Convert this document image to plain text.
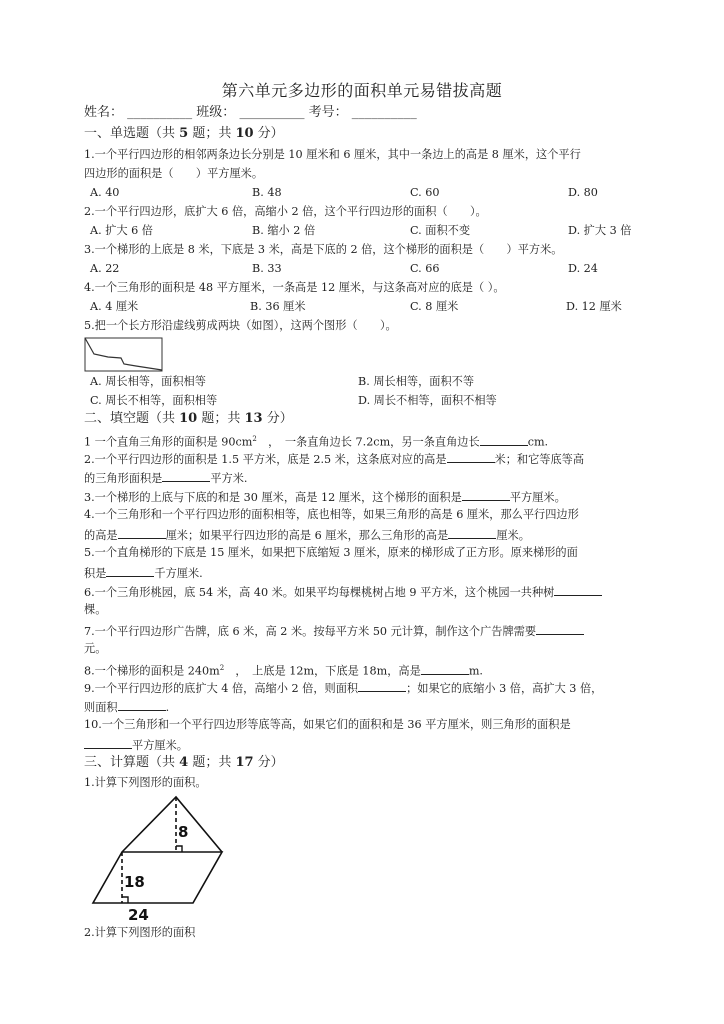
第六单元多边形的面积单元易错拔高题
姓名： __________ 班级： __________ 考号： __________
一、单选题（共 5 题；共 10 分）
1.一个平行四边形的相邻两条边长分别是 10 厘米和 6 厘米，其中一条边上的高是 8 厘米，这个平行
四边形的面积是（　　）平方厘米。
A. 40	B. 48	C. 60	D. 80
2.一个平行四边形，底扩大 6 倍，高缩小 2 倍，这个平行四边形的面积（　　）。
A. 扩大 6 倍	B. 缩小 2 倍	C. 面积不变	D. 扩大 3 倍
3.一个梯形的上底是 8 米，下底是 3 米，高是下底的 2 倍，这个梯形的面积是（　　）平方米。
A. 22	B. 33	C. 66	D. 24
4.一个三角形的面积是 48 平方厘米，一条高是 12 厘米，与这条高对应的底是（ ）。
A. 4 厘米	B. 36 厘米	C. 8 厘米	D. 12 厘米
5.把一个长方形沿虚线剪成两块（如图），这两个图形（　　）。
A. 周长相等，面积相等	B. 周长相等，面积不等
C. 周长不相等，面积相等	D. 周长不相等，面积不相等
二、填空题（共 10 题；共 13 分）
1 一个直角三角形的面积是 $90cm^2$　，　一条直角边长 7.2cm，另一条直角边长	cm.
2.一个平行四边形的面积是 1.5 平方米，底是 2.5 米，这条底对应的高是	米；和它等底等高
的三角形面积是	平方米.
3.一个梯形的上底与下底的和是 30 厘米，高是 12 厘米，这个梯形的面积是	平方厘米。
4.一个三角形和一个平行四边形的面积相等，底也相等，如果三角形的高是 6 厘米，那么平行四边形
的高是	厘米；如果平行四边形的高是 6 厘米，那么三角形的高是	厘米。
5.一个直角梯形的下底是 15 厘米，如果把下底缩短 3 厘米，原来的梯形成了正方形。原来梯形的面
积是	千方厘米.
6.一个三角形桃园，底 54 米，高 40 米。如果平均每棵桃树占地 9 平方米，这个桃园一共种树
棵。
7.一个平行四边形广告牌，底 6 米，高 2 米。按每平方米 50 元计算，制作这个广告牌需要
元。
8.一个梯形的面积是 $240m^2$　，　上底是 12m，下底是 18m，高是	m.
9.一个平行四边形的底扩大 4 倍，高缩小 2 倍，则面积	；如果它的底缩小 3 倍，高扩大 3 倍，
则面积	.
10.一个三角形和一个平行四边形等底等高，如果它们的面积和是 36 平方厘米，则三角形的面积是
平方厘米。
三、计算题（共 4 题；共 17 分）
1.计算下列图形的面积。
8
18
24
2.计算下列图形的面积
